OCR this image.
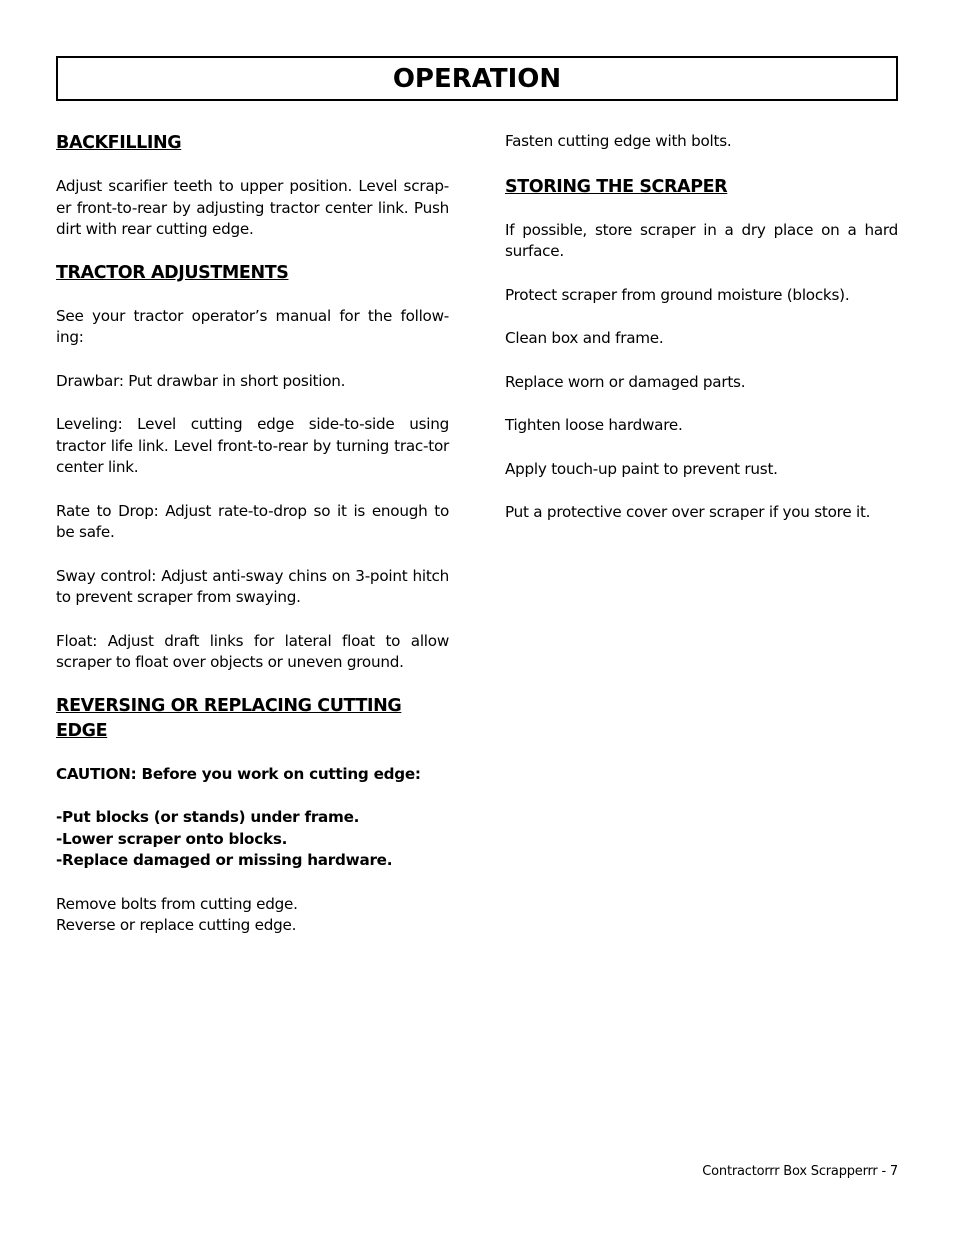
OPERATION
BACKFILLING

Adjust scarifier teeth to upper position. Level scrap-er front-to-rear by adjusting tractor center link. Push dirt with rear cutting edge.

TRACTOR ADJUSTMENTS

See your tractor operator’s manual for the follow-ing:

Drawbar: Put drawbar in short position.

Leveling: Level cutting edge side-to-side using tractor life link. Level front-to-rear by turning trac-tor center link.

Rate to Drop: Adjust rate-to-drop so it is enough to be safe.

Sway control: Adjust anti-sway chins on 3-point hitch to prevent scraper from swaying.

Float: Adjust draft links for lateral float to allow scraper to float over objects or uneven ground.

REVERSING OR REPLACING CUTTING
EDGE

CAUTION: Before you work on cutting edge:

-Put blocks (or stands) under frame.

-Lower scraper onto blocks.

-Replace damaged or missing hardware.

Remove bolts from cutting edge.

Reverse or replace cutting edge.

Fasten cutting edge with bolts.

STORING THE SCRAPER

If possible, store scraper in a dry place on a hard surface.

Protect scraper from ground moisture (blocks).

Clean box and frame.

Replace worn or damaged parts.

Tighten loose hardware.

Apply touch-up paint to prevent rust.

Put a protective cover over scraper if you store it.

Contractorrr Box Scrapperrr - 7
